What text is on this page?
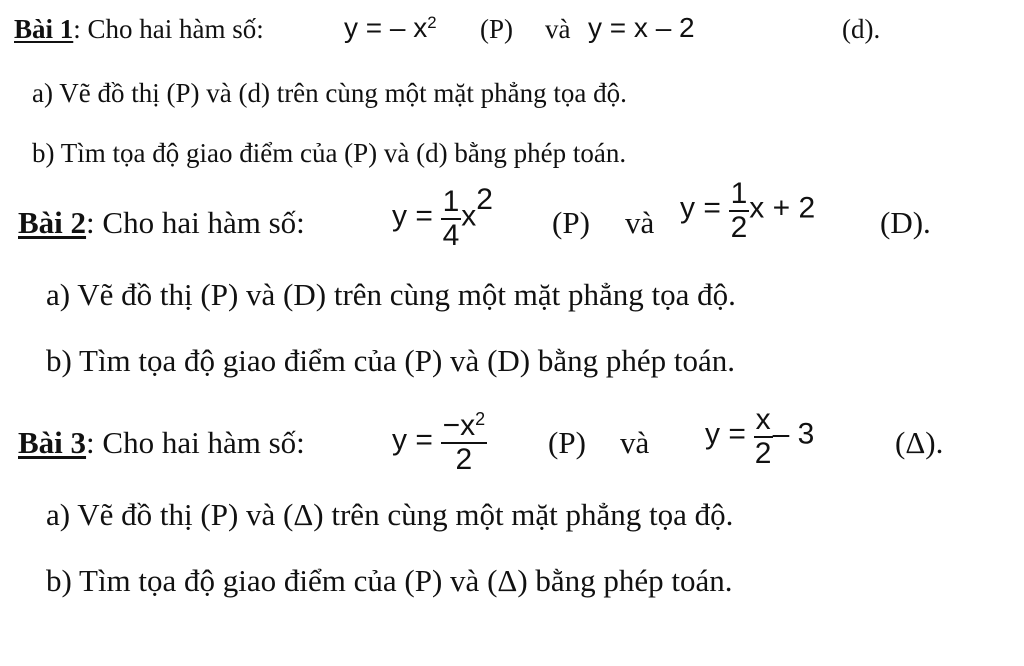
Bài 1: Cho hai hàm số:	y = – $x^2$ (P) và y = x – 2	(d).
a) Vẽ đồ thị (P) và (d) trên cùng một mặt phẳng tọa độ.
b) Tìm tọa độ giao điểm của (P) và (d) bằng phép toán.
Bài 2: Cho hai hàm số:	$y = \frac{1}{4} x^2$
(P) và $y = \frac{1}{2}$ x + 2 (D).
a) Vẽ đồ thị (P) và (D) trên cùng một mặt phẳng tọa độ.
b) Tìm tọa độ giao điểm của (P) và (D) bằng phép toán.
Bài 3: Cho hai hàm số:	$y = \frac{-x^2}{2} (P)$ và $y = \frac{x}{2} - 3$	(Δ).
a) Vẽ đồ thị (P) và (Δ) trên cùng một mặt phẳng tọa độ.
b) Tìm tọa độ giao điểm của (P) và (Δ) bằng phép toán.
